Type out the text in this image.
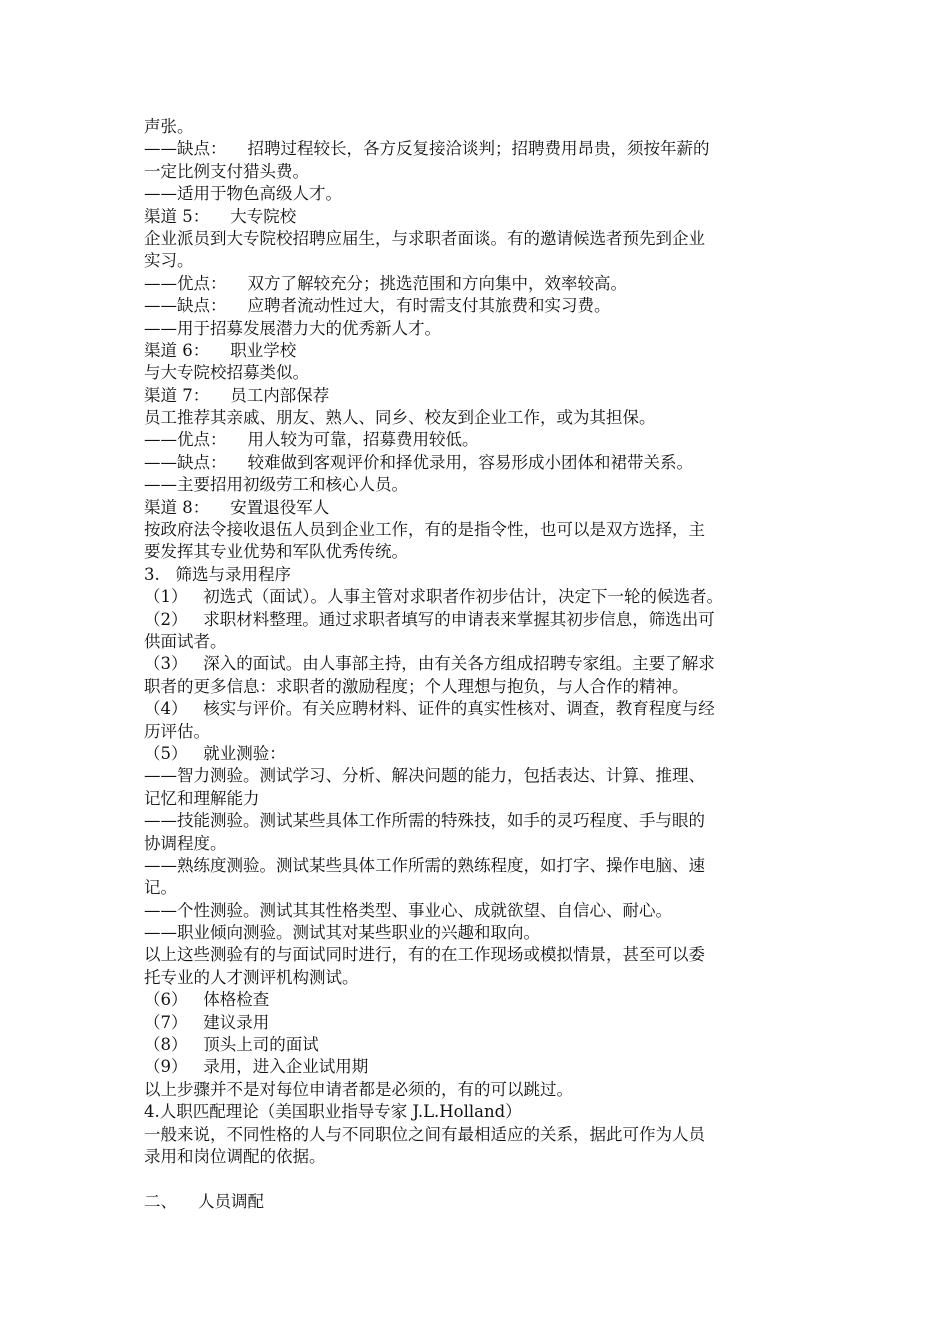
声张。
——缺点：    招聘过程较长，各方反复接洽谈判；招聘费用昂贵，须按年薪的
一定比例支付猎头费。
——适用于物色高级人才。
渠道 5：    大专院校
企业派员到大专院校招聘应届生，与求职者面谈。有的邀请候选者预先到企业
实习。
——优点：    双方了解较充分；挑选范围和方向集中，效率较高。
——缺点：    应聘者流动性过大，有时需支付其旅费和实习费。
——用于招募发展潜力大的优秀新人才。
渠道 6：    职业学校
与大专院校招募类似。
渠道 7：    员工内部保荐
员工推荐其亲戚、朋友、熟人、同乡、校友到企业工作，或为其担保。
——优点：    用人较为可靠，招募费用较低。
——缺点：    较难做到客观评价和择优录用，容易形成小团体和裙带关系。
——主要招用初级劳工和核心人员。
渠道 8：    安置退役军人
按政府法令接收退伍人员到企业工作，有的是指令性，也可以是双方选择，主
要发挥其专业优势和军队优秀传统。
3.   筛选与录用程序
（1）   初选式（面试）。人事主管对求职者作初步估计，决定下一轮的候选者。
（2）   求职材料整理。通过求职者填写的申请表来掌握其初步信息，筛选出可
供面试者。
（3）   深入的面试。由人事部主持，由有关各方组成招聘专家组。主要了解求
职者的更多信息：求职者的激励程度；个人理想与抱负，与人合作的精神。
（4）   核实与评价。有关应聘材料、证件的真实性核对、调查，教育程度与经
历评估。
（5）   就业测验：
——智力测验。测试学习、分析、解决问题的能力，包括表达、计算、推理、
记忆和理解能力
——技能测验。测试某些具体工作所需的特殊技，如手的灵巧程度、手与眼的
协调程度。
——熟练度测验。测试某些具体工作所需的熟练程度，如打字、操作电脑、速
记。
——个性测验。测试其其性格类型、事业心、成就欲望、自信心、耐心。
——职业倾向测验。测试其对某些职业的兴趣和取向。
以上这些测验有的与面试同时进行，有的在工作现场或模拟情景，甚至可以委
托专业的人才测评机构测试。
（6）   体格检查
（7）   建议录用
（8）   顶头上司的面试
（9）   录用，进入企业试用期
以上步骤并不是对每位申请者都是必须的，有的可以跳过。
4.人职匹配理论（美国职业指导专家 J.L.Holland）
一般来说，不同性格的人与不同职位之间有最相适应的关系，据此可作为人员
录用和岗位调配的依据。
二、    人员调配
